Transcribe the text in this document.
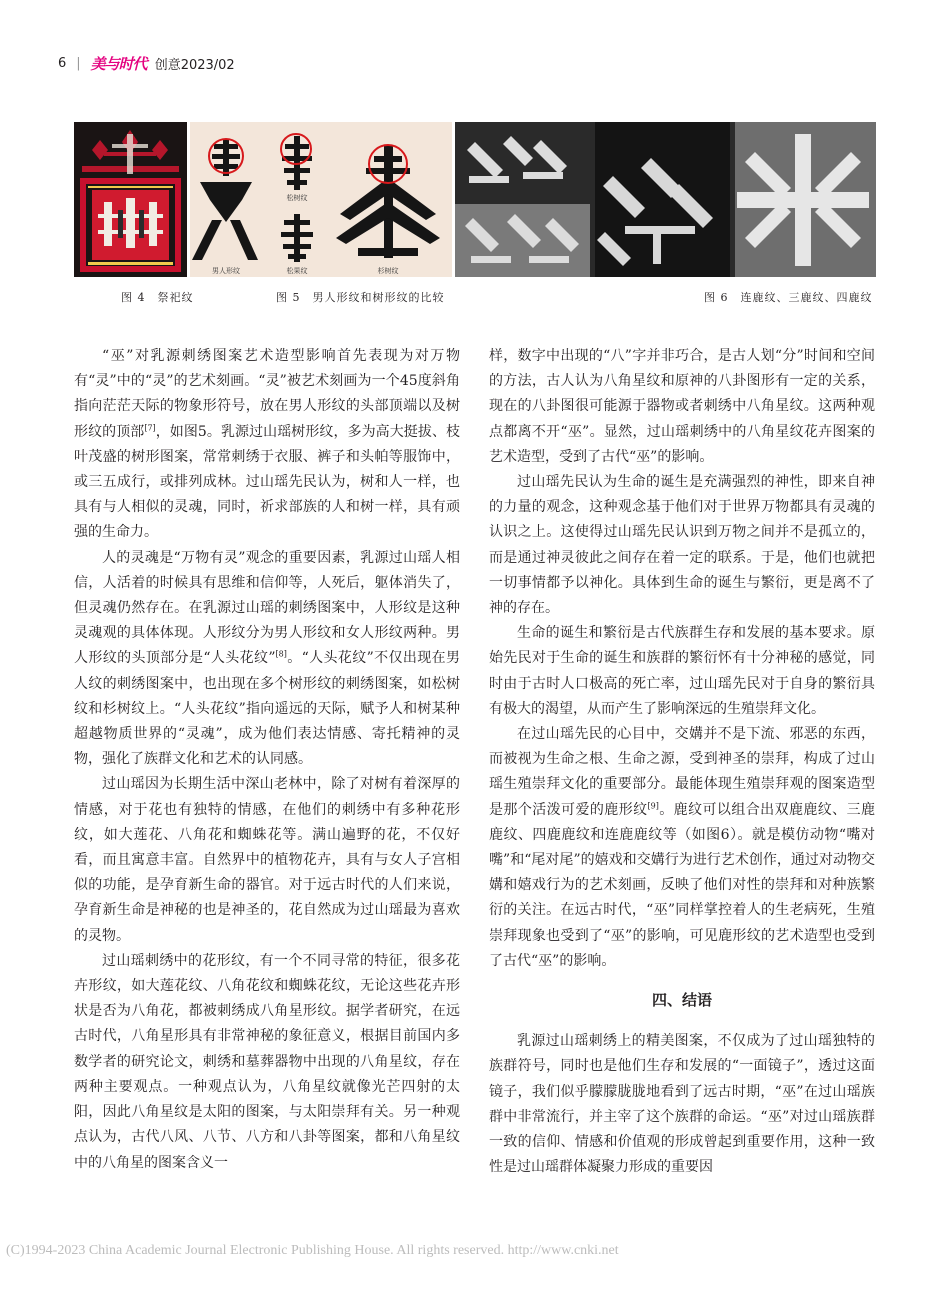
6 | 美与时代 创意2023/02
男人形纹
松树纹
松果纹	杉树纹
图 4　祭祀纹	图 5　男人形纹和树形纹的比较	图 6　连鹿纹、三鹿纹、四鹿纹

“巫”对乳源刺绣图案艺术造型影响首先表现为对万物有“灵”中的“灵”的艺术刻画。“灵”被艺术刻画为一个45度斜角指向茫茫天际的物象形符号，放在男人形纹的头部顶端以及树形纹的顶部[7]，如图5。乳源过山瑶树形纹，多为高大挺拔、枝叶茂盛的树形图案，常常刺绣于衣服、裤子和头帕等服饰中，或三五成行，或排列成林。过山瑶先民认为，树和人一样，也具有与人相似的灵魂，同时，祈求部族的人和树一样，具有顽强的生命力。

人的灵魂是“万物有灵”观念的重要因素，乳源过山瑶人相信，人活着的时候具有思维和信仰等，人死后，躯体消失了，但灵魂仍然存在。在乳源过山瑶的刺绣图案中，人形纹是这种灵魂观的具体体现。人形纹分为男人形纹和女人形纹两种。男人形纹的头顶部分是“人头花纹”[8]。“人头花纹”不仅出现在男人纹的刺绣图案中，也出现在多个树形纹的刺绣图案，如松树纹和杉树纹上。“人头花纹”指向遥远的天际，赋予人和树某种超越物质世界的“灵魂”，成为他们表达情感、寄托精神的灵物，强化了族群文化和艺术的认同感。

过山瑶因为长期生活中深山老林中，除了对树有着深厚的情感，对于花也有独特的情感，在他们的刺绣中有多种花形纹，如大莲花、八角花和蜘蛛花等。满山遍野的花，不仅好看，而且寓意丰富。自然界中的植物花卉，具有与女人子宫相似的功能，是孕育新生命的器官。对于远古时代的人们来说，孕育新生命是神秘的也是神圣的，花自然成为过山瑶最为喜欢的灵物。

过山瑶刺绣中的花形纹，有一个不同寻常的特征，很多花卉形纹，如大莲花纹、八角花纹和蜘蛛花纹，无论这些花卉形状是否为八角花，都被刺绣成八角星形纹。据学者研究，在远古时代，八角星形具有非常神秘的象征意义，根据目前国内多数学者的研究论文，刺绣和墓葬器物中出现的八角星纹，存在两种主要观点。一种观点认为，八角星纹就像光芒四射的太阳，因此八角星纹是太阳的图案，与太阳崇拜有关。另一种观点认为，古代八风、八节、八方和八卦等图案，都和八角星纹中的八角星的图案含义一

样，数字中出现的“八”字并非巧合，是古人划“分”时间和空间的方法，古人认为八角星纹和原神的八卦图形有一定的关系，现在的八卦图很可能源于器物或者刺绣中八角星纹。这两种观点都离不开“巫”。显然，过山瑶刺绣中的八角星纹花卉图案的艺术造型，受到了古代“巫”的影响。

过山瑶先民认为生命的诞生是充满强烈的神性，即来自神的力量的观念，这种观念基于他们对于世界万物都具有灵魂的认识之上。这使得过山瑶先民认识到万物之间并不是孤立的，而是通过神灵彼此之间存在着一定的联系。于是，他们也就把一切事情都予以神化。具体到生命的诞生与繁衍，更是离不了神的存在。

生命的诞生和繁衍是古代族群生存和发展的基本要求。原始先民对于生命的诞生和族群的繁衍怀有十分神秘的感觉，同时由于古时人口极高的死亡率，过山瑶先民对于自身的繁衍具有极大的渴望，从而产生了影响深远的生殖崇拜文化。

在过山瑶先民的心目中，交媾并不是下流、邪恶的东西，而被视为生命之根、生命之源，受到神圣的崇拜，构成了过山瑶生殖崇拜文化的重要部分。最能体现生殖崇拜观的图案造型是那个活泼可爱的鹿形纹[9]。鹿纹可以组合出双鹿鹿纹、三鹿鹿纹、四鹿鹿纹和连鹿鹿纹等（如图6）。就是模仿动物“嘴对嘴”和“尾对尾”的嬉戏和交媾行为进行艺术创作，通过对动物交媾和嬉戏行为的艺术刻画，反映了他们对性的崇拜和对种族繁衍的关注。在远古时代，“巫”同样掌控着人的生老病死，生殖崇拜现象也受到了“巫”的影响，可见鹿形纹的艺术造型也受到了古代“巫”的影响。

四、结语

乳源过山瑶刺绣上的精美图案，不仅成为了过山瑶独特的族群符号，同时也是他们生存和发展的“一面镜子”，透过这面镜子，我们似乎朦朦胧胧地看到了远古时期，“巫”在过山瑶族群中非常流行，并主宰了这个族群的命运。“巫”对过山瑶族群一致的信仰、情感和价值观的形成曾起到重要作用，这种一致性是过山瑶群体凝聚力形成的重要因

(C)1994-2023 China Academic Journal Electronic Publishing House. All rights reserved. http://www.cnki.net
